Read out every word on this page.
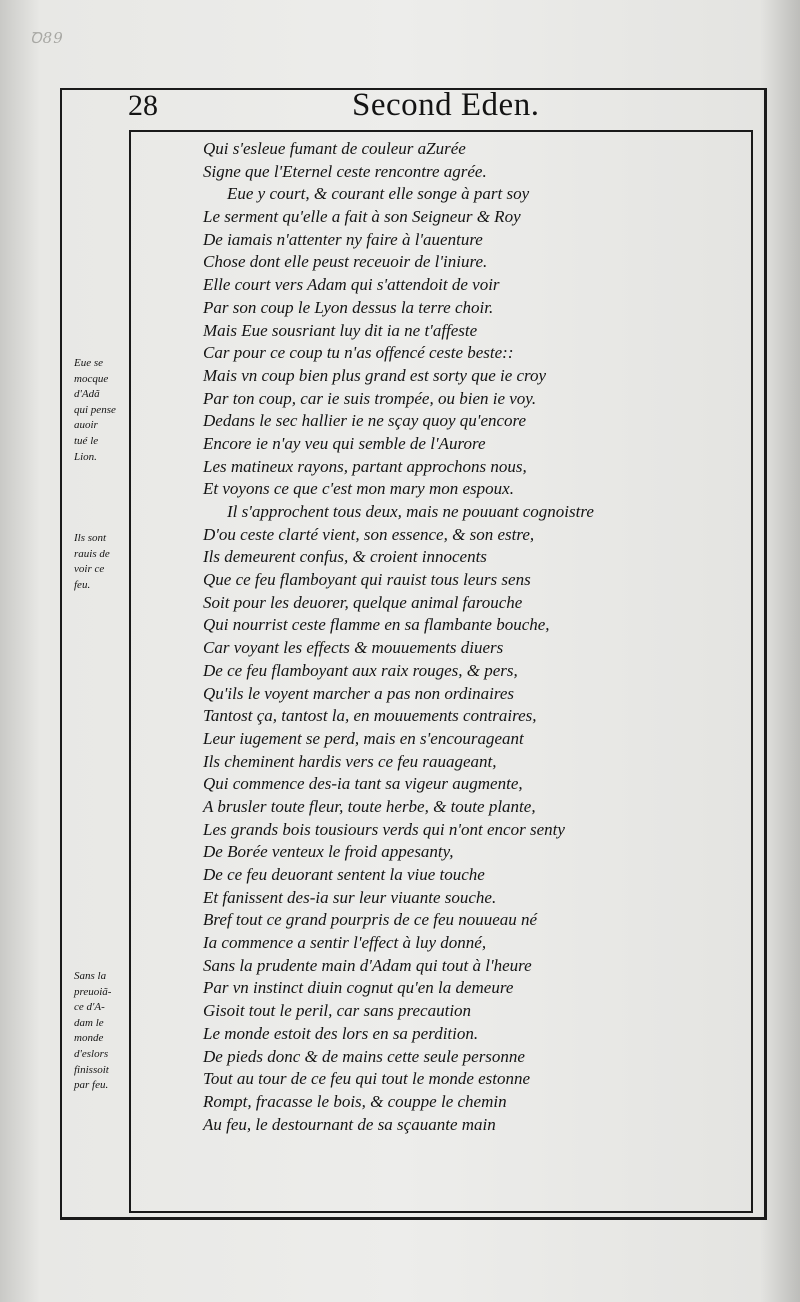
Ꝺ89
28	Second Eden.
Eue se
mocque
d'Adã
qui pense
auoir
tué le
Lion.
Ils sont
rauis de
voir ce
feu.
Sans la
preuoiã-
ce d'A-
dam le
monde
d'eslors
finissoit
par feu.
Qui s'esleue fumant de couleur aZurée
Signe que l'Eternel ceste rencontre agrée.
Eue y court, & courant elle songe à part soy
Le serment qu'elle a fait à son Seigneur & Roy
De iamais n'attenter ny faire à l'auenture
Chose dont elle peust receuoir de l'iniure.
Elle court vers Adam qui s'attendoit de voir
Par son coup le Lyon dessus la terre choir.
Mais Eue sousriant luy dit ia ne t'affeste
Car pour ce coup tu n'as offencé ceste beste::
Mais vn coup bien plus grand est sorty que ie croy
Par ton coup, car ie suis trompée, ou bien ie voy.
Dedans le sec hallier ie ne sçay quoy qu'encore
Encore ie n'ay veu qui semble de l'Aurore
Les matineux rayons, partant approchons nous,
Et voyons ce que c'est mon mary mon espoux.
Il s'approchent tous deux, mais ne pouuant cognoistre
D'ou ceste clarté vient, son essence, & son estre,
Ils demeurent confus, & croient innocents
Que ce feu flamboyant qui rauist tous leurs sens
Soit pour les deuorer, quelque animal farouche
Qui nourrist ceste flamme en sa flambante bouche,
Car voyant les effects & mouuements diuers
De ce feu flamboyant aux raix rouges, & pers,
Qu'ils le voyent marcher a pas non ordinaires
Tantost ça, tantost la, en mouuements contraires,
Leur iugement se perd, mais en s'encourageant
Ils cheminent hardis vers ce feu rauageant,
Qui commence des-ia tant sa vigeur augmente,
A brusler toute fleur, toute herbe, & toute plante,
Les grands bois tousiours verds qui n'ont encor senty
De Borée venteux le froid appesanty,
De ce feu deuorant sentent la viue touche
Et fanissent des-ia sur leur viuante souche.
Bref tout ce grand pourpris de ce feu nouueau né
Ia commence a sentir l'effect à luy donné,
Sans la prudente main d'Adam qui tout à l'heure
Par vn instinct diuin cognut qu'en la demeure
Gisoit tout le peril, car sans precaution
Le monde estoit des lors en sa perdition.
De pieds donc & de mains cette seule personne
Tout au tour de ce feu qui tout le monde estonne
Rompt, fracasse le bois, & couppe le chemin
Au feu, le destournant de sa sçauante main
